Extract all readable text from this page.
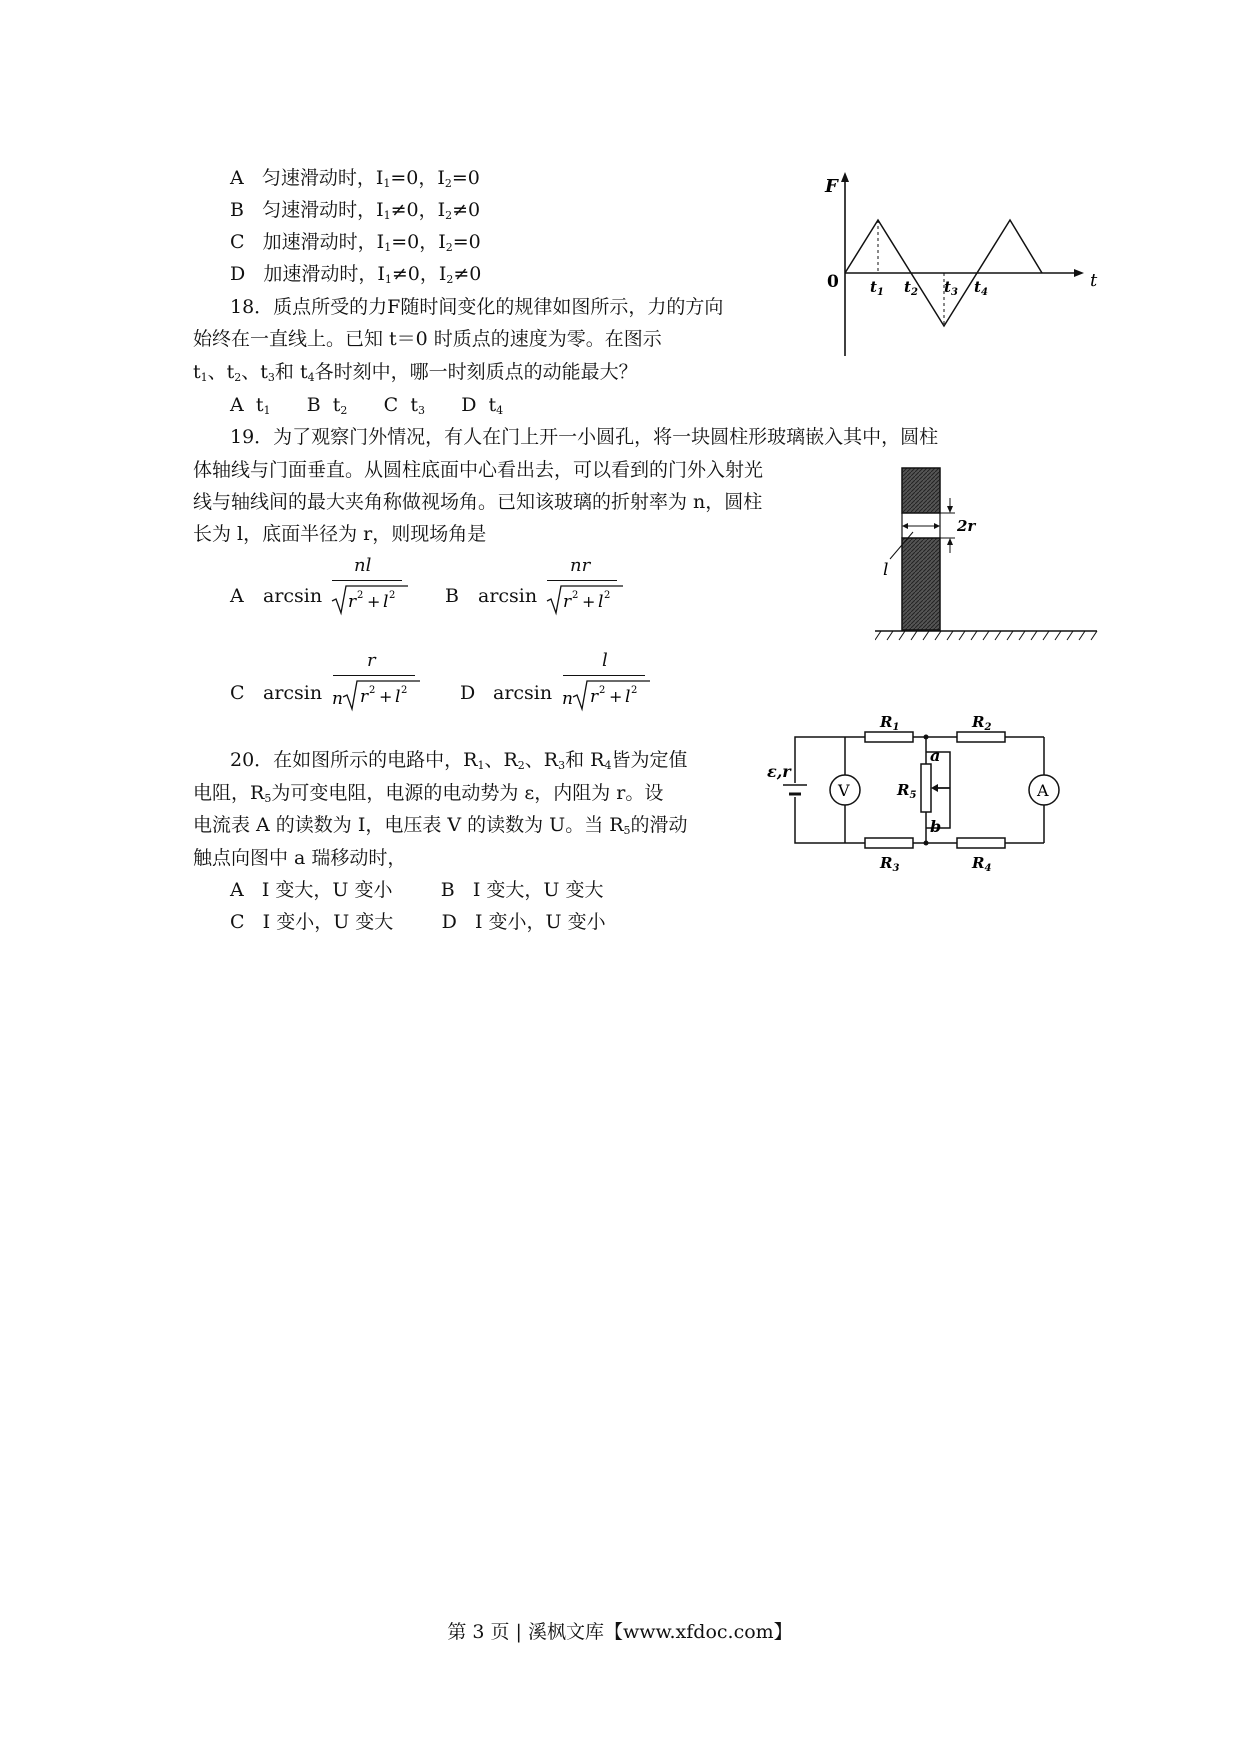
A 匀速滑动时，$I_1=0$，$I_2=0$
B 匀速滑动时，$I_1\ne 0$，$I_2\ne 0$
C 加速滑动时，$I_1=0$，$I_2=0$
D 加速滑动时，$I_1\ne 0$，$I_2\ne 0$
18．质点所受的力F随时间变化的规律如图所示，力的方向
始终在一直线上。已知 t＝0 时质点的速度为零。在图示
$t_1$、$t_2$、$t_3$和 $t_4$各时刻中，哪一时刻质点的动能最大？
A $t_1$ B $t_2$ C $t_3$ D $t_4$
F
t
0 $t_1$ $t_2$ $t_3$ $t_4$
19．为了观察门外情况，有人在门上开一小圆孔，将一块圆柱形玻璃嵌入其中，圆柱
体轴线与门面垂直。从圆柱底面中心看出去，可以看到的门外入射光
线与轴线间的最大夹角称做视场角。已知该玻璃的折射率为 n，圆柱
长为 l，底面半径为 r，则现场角是
A arcsin
nl
r 2 + l 2	B arcsin
nr
r 2 + l 2
C arcsin
r
n r 2 + l 2	D arcsin
l
n r 2 + l 2
l
2r
20．在如图所示的电路中，$R_1$、$R_2$、$R_3$和 $R_4$皆为定值
电阻，$R_5$为可变电阻，电源的电动势为 ε，内阻为 r。设
电流表 A 的读数为 I，电压表 V 的读数为 U。当 $R_5$的滑动
触点向图中 a 瑞移动时，
A I 变大，U 变小	B I 变大，U 变大
C I 变小，U 变大	D I 变小，U 变小
V	A
ε,r
a
b
$R_1$	$R_2$
$R_3$	$R_4$
$R_5$
第 3 页 | 溪枫文库【www.xfdoc.com】
